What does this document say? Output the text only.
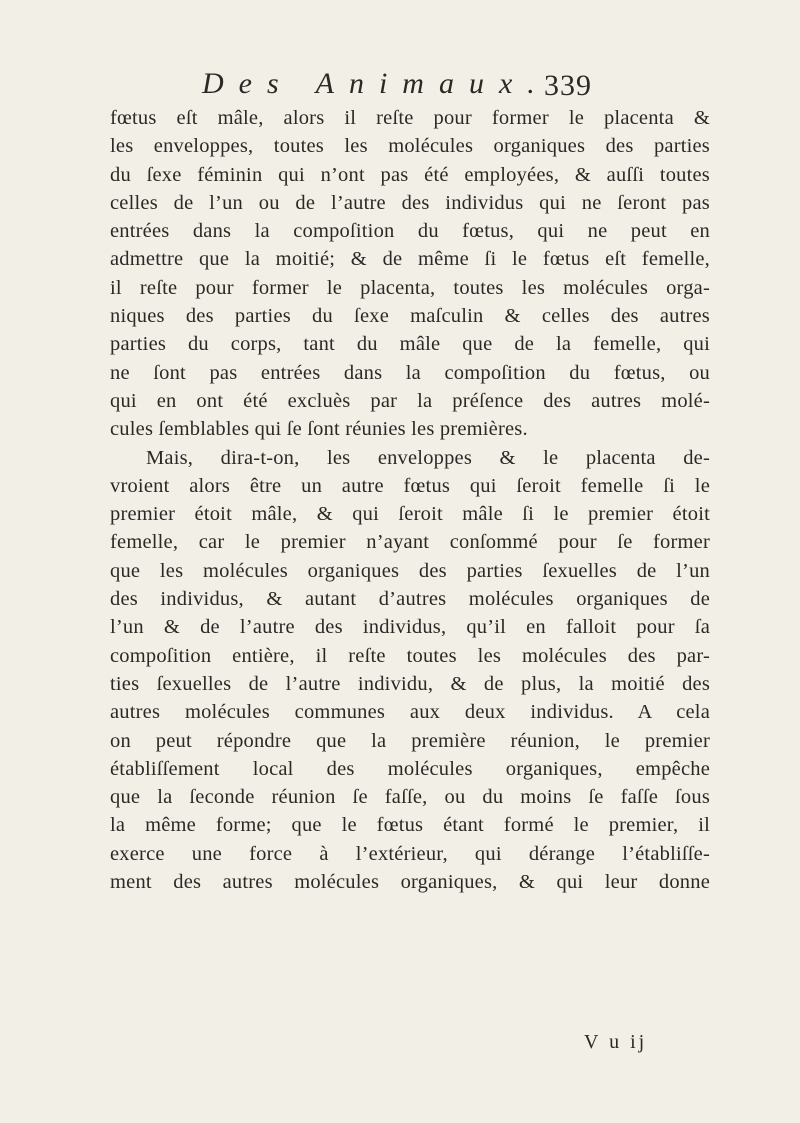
Des Animaux.
339
fœtus eſt mâle, alors il reſte pour former le placenta &
les enveloppes, toutes les molécules organiques des parties
du ſexe féminin qui n’ont pas été employées, & auſſi toutes
celles de l’un ou de l’autre des individus qui ne ſeront pas
entrées dans la compoſition du fœtus, qui ne peut en
admettre que la moitié; & de même ſi le fœtus eſt femelle,
il reſte pour former le placenta, toutes les molécules orga-
niques des parties du ſexe maſculin & celles des autres
parties du corps, tant du mâle que de la femelle, qui
ne ſont pas entrées dans la compoſition du fœtus, ou
qui en ont été excluès par la préſence des autres molé-
cules ſemblables qui ſe ſont réunies les premières.
Mais, dira-t-on, les enveloppes & le placenta de-
vroient alors être un autre fœtus qui ſeroit femelle ſi le
premier étoit mâle, & qui ſeroit mâle ſi le premier étoit
femelle, car le premier n’ayant conſommé pour ſe former
que les molécules organiques des parties ſexuelles de l’un
des individus, & autant d’autres molécules organiques de
l’un & de l’autre des individus, qu’il en falloit pour ſa
compoſition entière, il reſte toutes les molécules des par-
ties ſexuelles de l’autre individu, & de plus, la moitié des
autres molécules communes aux deux individus. A cela
on peut répondre que la première réunion, le premier
établiſſement local des molécules organiques, empêche
que la ſeconde réunion ſe faſſe, ou du moins ſe faſſe ſous
la même forme; que le fœtus étant formé le premier, il
exerce une force à l’extérieur, qui dérange l’établiſſe-
ment des autres molécules organiques, & qui leur donne
V u ij
